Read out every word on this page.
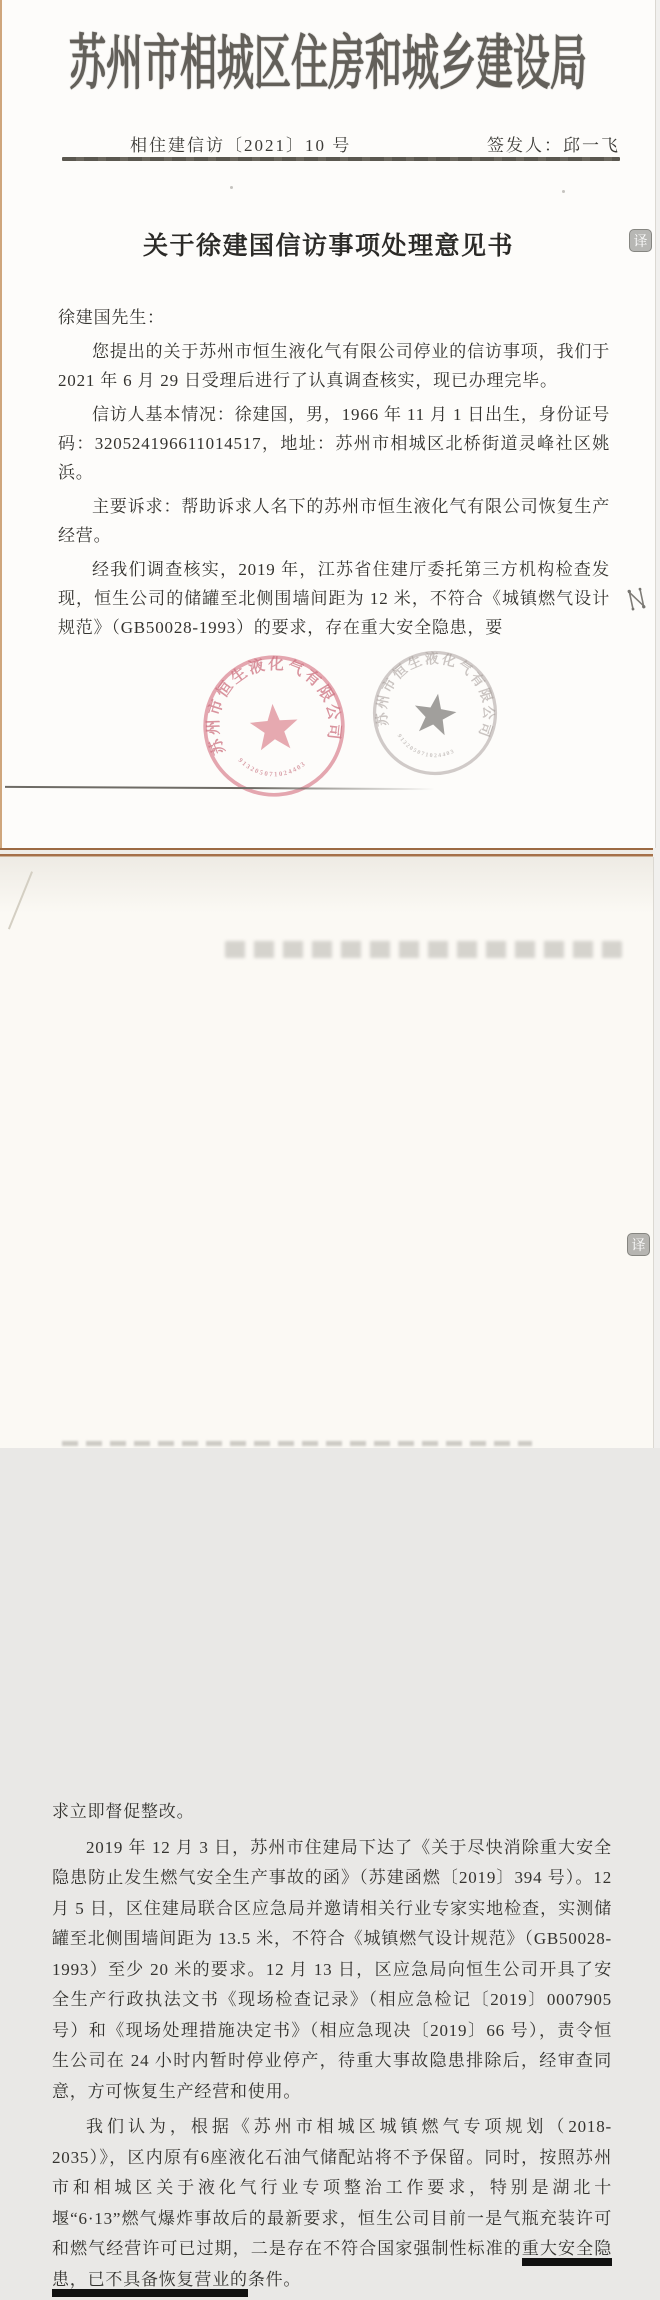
苏州市相城区住房和城乡建设局
相住建信访〔2021〕10 号	签发人：邱一飞
关于徐建国信访事项处理意见书

徐建国先生：

您提出的关于苏州市恒生液化气有限公司停业的信访事项，我们于 2021 年 6 月 29 日受理后进行了认真调查核实，现已办理完毕。

信访人基本情况：徐建国，男，1966 年 11 月 1 日出生，身份证号码：320524196611014517，地址：苏州市相城区北桥街道灵峰社区姚浜。

主要诉求：帮助诉求人名下的苏州市恒生液化气有限公司恢复生产经营。

经我们调查核实，2019 年，江苏省住建厅委托第三方机构检查发现，恒生公司的储罐至北侧围墙间距为 12 米，不符合《城镇燃气设计规范》（GB50028-1993）的要求，存在重大安全隐患，要

苏州市恒生液化气有限公司
913205071024403
苏州市恒生液化气有限公司
913205071024403

求立即督促整改。

2019 年 12 月 3 日，苏州市住建局下达了《关于尽快消除重大安全隐患防止发生燃气安全生产事故的函》（苏建函燃〔2019〕394 号）。12 月 5 日，区住建局联合区应急局并邀请相关行业专家实地检查，实测储罐至北侧围墙间距为 13.5 米，不符合《城镇燃气设计规范》（GB50028-1993）至少 20 米的要求。12 月 13 日，区应急局向恒生公司开具了安全生产行政执法文书《现场检查记录》（相应急检记〔2019〕0007905 号）和《现场处理措施决定书》（相应急现决〔2019〕66 号），责令恒生公司在 24 小时内暂时停业停产，待重大事故隐患排除后，经审查同意，方可恢复生产经营和使用。

我们认为，根据《苏州市相城区城镇燃气专项规划（2018-2035）》，区内原有6座液化石油气储配站将不予保留。同时，按照苏州市和相城区关于液化气行业专项整治工作要求，特别是湖北十堰“6·13”燃气爆炸事故后的最新要求，恒生公司目前一是气瓶充装许可和燃气经营许可已过期，二是存在不符合国家强制性标准的重大安全隐患，已不具备恢复营业的条件。

译
译
